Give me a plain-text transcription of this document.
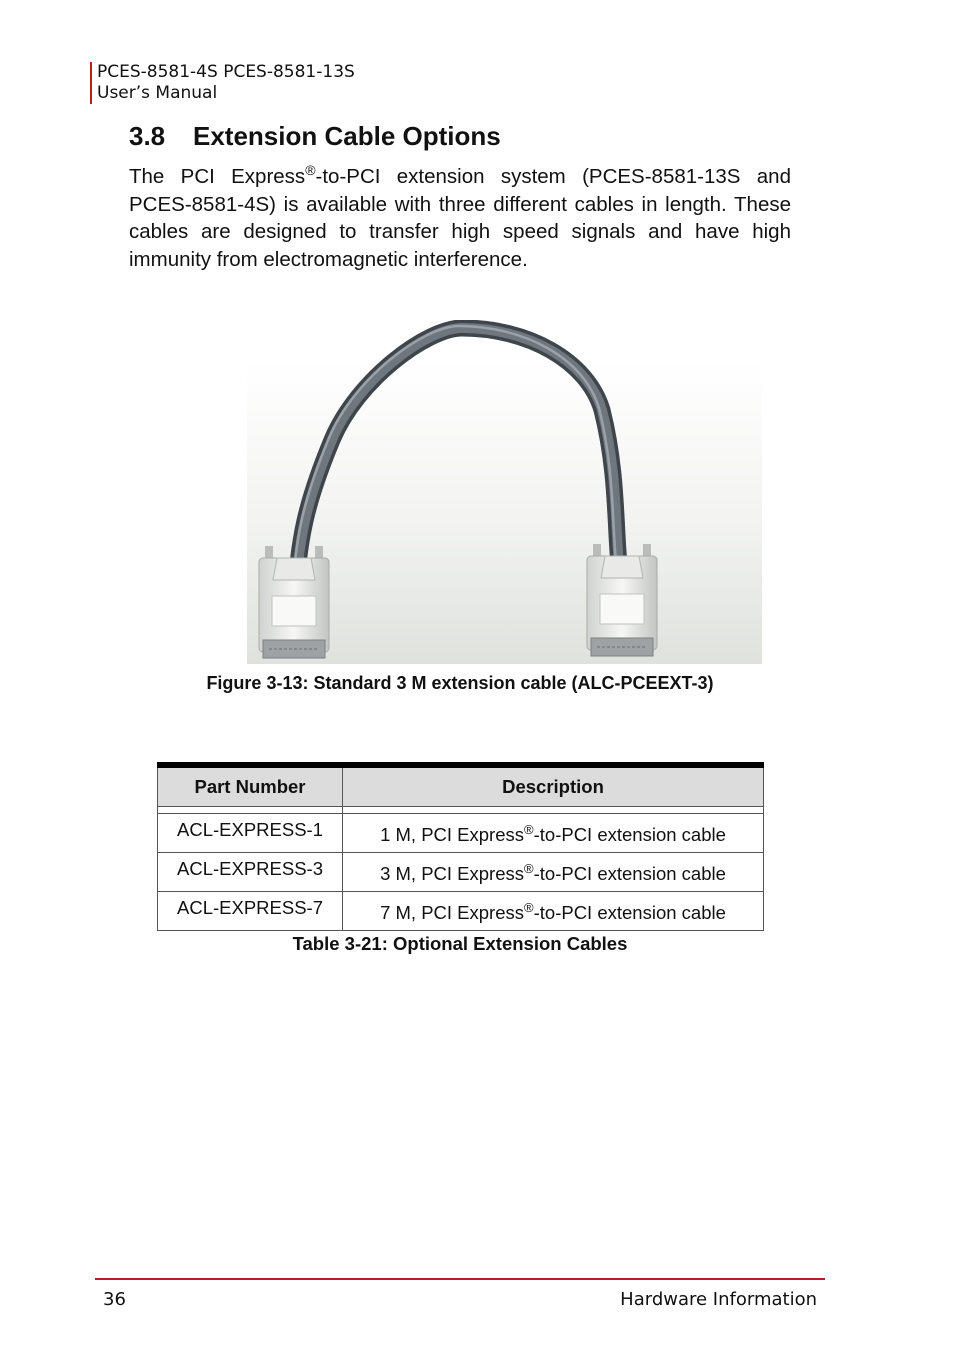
PCES-8581-4S PCES-8581-13S
User’s Manual
3.8 Extension Cable Options

The PCI Express®-to-PCI extension system (PCES-8581-13S and PCES-8581-4S) is available with three different cables in length. These cables are designed to transfer high speed signals and have high immunity from electromagnetic interference.

Figure 3-13: Standard 3 M extension cable (ALC-PCEEXT-3)
Part Number	Description

ACL-EXPRESS-1	1 M, PCI Express®-to-PCI extension cable
ACL-EXPRESS-3	3 M, PCI Express®-to-PCI extension cable
ACL-EXPRESS-7	7 M, PCI Express®-to-PCI extension cable
Table 3-21: Optional Extension Cables
36	Hardware Information
